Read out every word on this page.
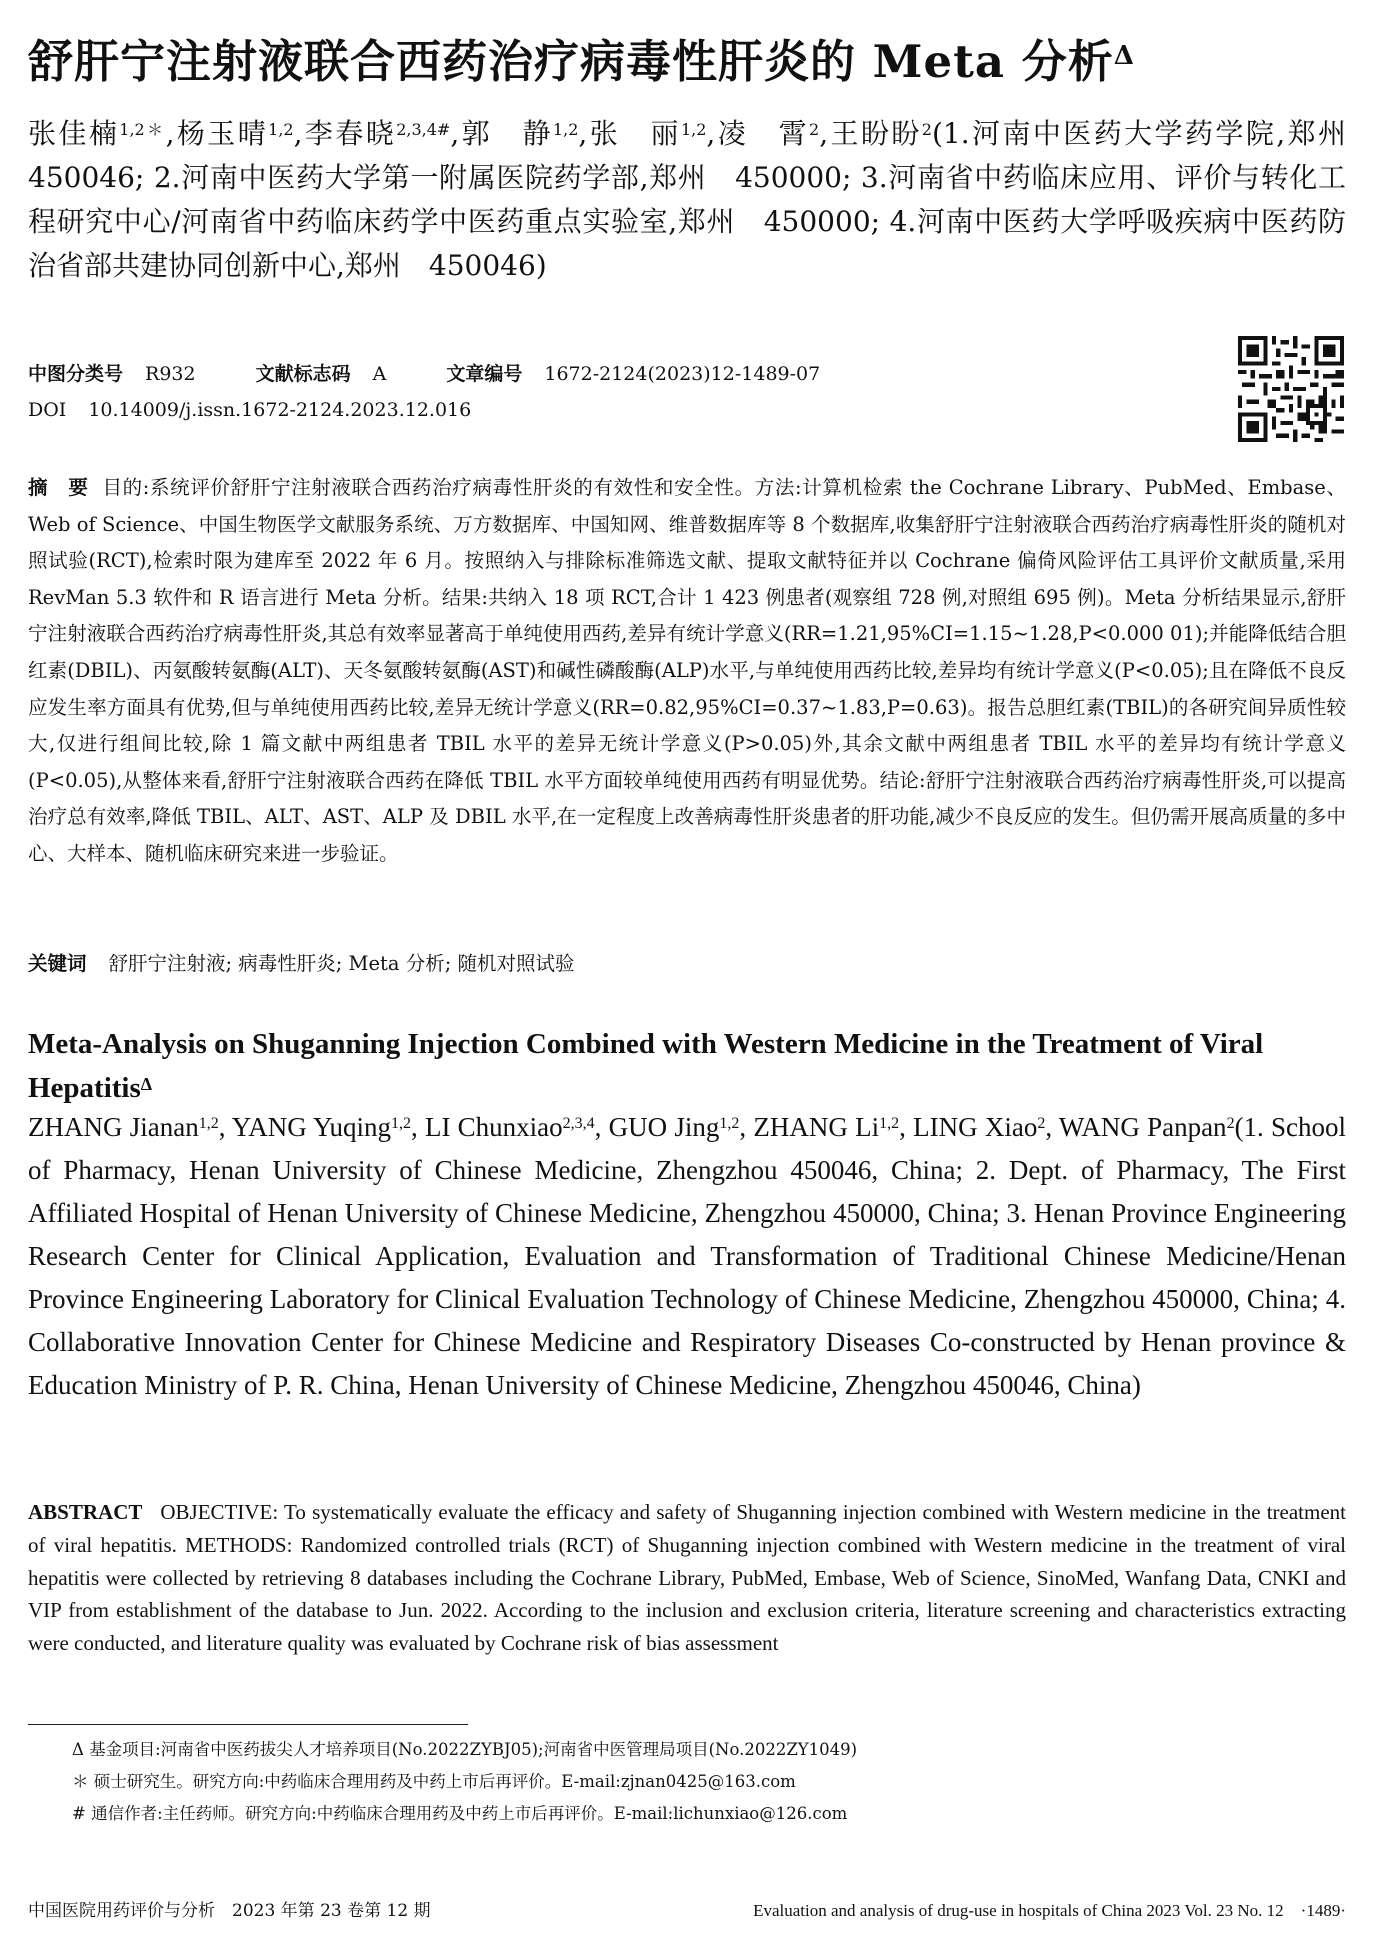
舒肝宁注射液联合西药治疗病毒性肝炎的 Meta 分析$^\Delta$
张佳楠$^{1,2*}$,杨玉晴$^{1,2}$,李春晓$^{2,3,4\#}$,郭　静$^{1,2}$,张　丽$^{1,2}$,凌　霄$^2$,王盼盼$^2$(1.河南中医药大学药学院,郑州　450046; 2.河南中医药大学第一附属医院药学部,郑州　450000; 3.河南省中药临床应用、评价与转化工程研究中心/河南省中药临床药学中医药重点实验室,郑州　450000; 4.河南中医药大学呼吸疾病中医药防治省部共建协同创新中心,郑州　450046)
中图分类号 R932	文献标志码 A	文章编号 1672-2124(2023)12-1489-07
DOI 10.14009/j.issn.1672-2124.2023.12.016
摘　要 目的:系统评价舒肝宁注射液联合西药治疗病毒性肝炎的有效性和安全性。方法:计算机检索 the Cochrane Library、PubMed、Embase、Web of Science、中国生物医学文献服务系统、万方数据库、中国知网、维普数据库等 8 个数据库,收集舒肝宁注射液联合西药治疗病毒性肝炎的随机对照试验(RCT),检索时限为建库至 2022 年 6 月。按照纳入与排除标准筛选文献、提取文献特征并以 Cochrane 偏倚风险评估工具评价文献质量,采用 RevMan 5.3 软件和 R 语言进行 Meta 分析。结果:共纳入 18 项 RCT,合计 1 423 例患者(观察组 728 例,对照组 695 例)。Meta 分析结果显示,舒肝宁注射液联合西药治疗病毒性肝炎,其总有效率显著高于单纯使用西药,差异有统计学意义(RR=1.21,95%CI=1.15~1.28,P<0.000 01);并能降低结合胆红素(DBIL)、丙氨酸转氨酶(ALT)、天冬氨酸转氨酶(AST)和碱性磷酸酶(ALP)水平,与单纯使用西药比较,差异均有统计学意义(P<0.05);且在降低不良反应发生率方面具有优势,但与单纯使用西药比较,差异无统计学意义(RR=0.82,95%CI=0.37~1.83,P=0.63)。报告总胆红素(TBIL)的各研究间异质性较大,仅进行组间比较,除 1 篇文献中两组患者 TBIL 水平的差异无统计学意义(P>0.05)外,其余文献中两组患者 TBIL 水平的差异均有统计学意义(P<0.05),从整体来看,舒肝宁注射液联合西药在降低 TBIL 水平方面较单纯使用西药有明显优势。结论:舒肝宁注射液联合西药治疗病毒性肝炎,可以提高治疗总有效率,降低 TBIL、ALT、AST、ALP 及 DBIL 水平,在一定程度上改善病毒性肝炎患者的肝功能,减少不良反应的发生。但仍需开展高质量的多中心、大样本、随机临床研究来进一步验证。
关键词 舒肝宁注射液; 病毒性肝炎; Meta 分析; 随机对照试验
Meta-Analysis on Shuganning Injection Combined with Western Medicine in the Treatment of Viral Hepatitis$^\Delta$
ZHANG Jianan$^{1,2}$, YANG Yuqing$^{1,2}$, LI Chunxiao$^{2,3,4}$, GUO Jing$^{1,2}$, ZHANG Li$^{1,2}$, LING Xiao$^2$, WANG Panpan$^2$(1. School of Pharmacy, Henan University of Chinese Medicine, Zhengzhou 450046, China; 2. Dept. of Pharmacy, The First Affiliated Hospital of Henan University of Chinese Medicine, Zhengzhou 450000, China; 3. Henan Province Engineering Research Center for Clinical Application, Evaluation and Transformation of Traditional Chinese Medicine/Henan Province Engineering Laboratory for Clinical Evaluation Technology of Chinese Medicine, Zhengzhou 450000, China; 4. Collaborative Innovation Center for Chinese Medicine and Respiratory Diseases Co-constructed by Henan province & Education Ministry of P. R. China, Henan University of Chinese Medicine, Zhengzhou 450046, China)
ABSTRACT OBJECTIVE: To systematically evaluate the efficacy and safety of Shuganning injection combined with Western medicine in the treatment of viral hepatitis. METHODS: Randomized controlled trials (RCT) of Shuganning injection combined with Western medicine in the treatment of viral hepatitis were collected by retrieving 8 databases including the Cochrane Library, PubMed, Embase, Web of Science, SinoMed, Wanfang Data, CNKI and VIP from establishment of the database to Jun. 2022. According to the inclusion and exclusion criteria, literature screening and characteristics extracting were conducted, and literature quality was evaluated by Cochrane risk of bias assessment
Δ 基金项目:河南省中医药拔尖人才培养项目(No.2022ZYBJ05);河南省中医管理局项目(No.2022ZY1049)
＊ 硕士研究生。研究方向:中药临床合理用药及中药上市后再评价。E-mail:zjnan0425@163.com
# 通信作者:主任药师。研究方向:中药临床合理用药及中药上市后再评价。E-mail:lichunxiao@126.com
中国医院用药评价与分析　2023 年第 23 卷第 12 期	Evaluation and analysis of drug-use in hospitals of China 2023 Vol. 23 No. 12　·1489·
